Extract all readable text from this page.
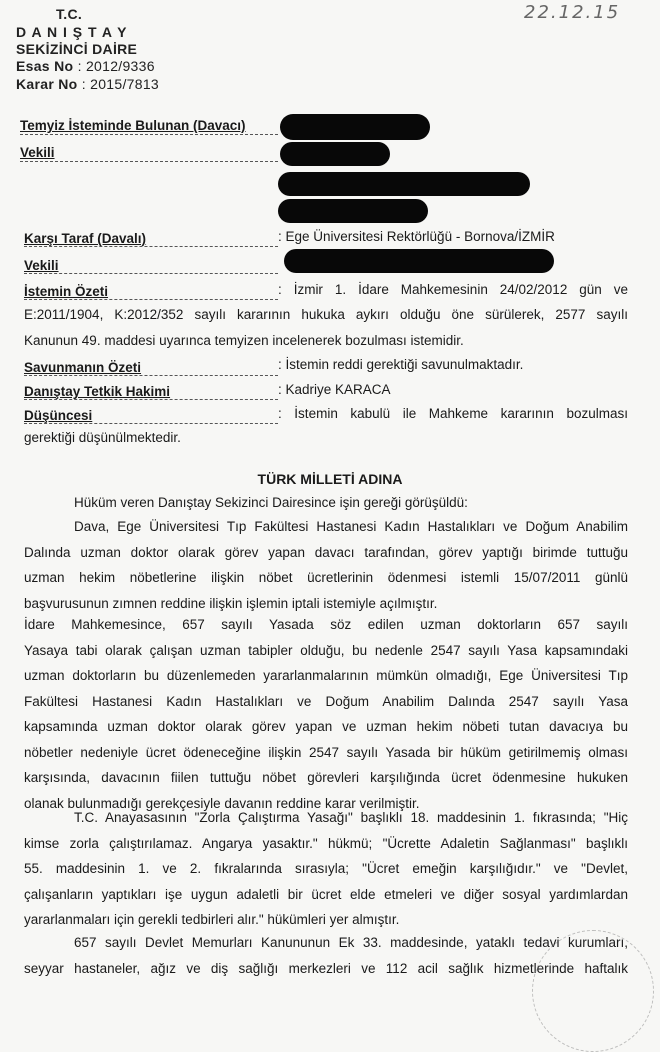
T.C.
D A N I Ş T A Y
SEKİZİNCİ DAİRE
Esas No : 2012/9336
Karar No : 2015/7813
22.12.15
Temyiz İsteminde Bulunan (Davacı)
Vekili
Karşı Taraf (Davalı)	: Ege Üniversitesi Rektörlüğü - Bornova/İZMİR
Vekili
İstemin Özeti	: İzmir 1. İdare Mahkemesinin 24/02/2012 gün ve
E:2011/1904, K:2012/352 sayılı kararının hukuka aykırı olduğu öne sürülerek, 2577 sayılı
Kanunun 49. maddesi uyarınca temyizen incelenerek bozulması istemidir.
Savunmanın Özeti	: İstemin reddi gerektiği savunulmaktadır.
Danıştay Tetkik Hakimi	: Kadriye KARACA
Düşüncesi	: İstemin kabulü ile Mahkeme kararının bozulması
gerektiği düşünülmektedir.
TÜRK MİLLETİ ADINA
Hüküm veren Danıştay Sekizinci Dairesince işin gereği görüşüldü:
Dava, Ege Üniversitesi Tıp Fakültesi Hastanesi Kadın Hastalıkları ve Doğum Anabilim
Dalında uzman doktor olarak görev yapan davacı tarafından, görev yaptığı birimde tuttuğu
uzman hekim nöbetlerine ilişkin nöbet ücretlerinin ödenmesi istemli 15/07/2011 günlü
başvurusunun zımnen reddine ilişkin işlemin iptali istemiyle açılmıştır.
İdare Mahkemesince, 657 sayılı Yasada söz edilen uzman doktorların 657 sayılı
Yasaya tabi olarak çalışan uzman tabipler olduğu, bu nedenle 2547 sayılı Yasa kapsamındaki
uzman doktorların bu düzenlemeden yararlanmalarının mümkün olmadığı, Ege Üniversitesi Tıp
Fakültesi Hastanesi Kadın Hastalıkları ve Doğum Anabilim Dalında 2547 sayılı Yasa
kapsamında uzman doktor olarak görev yapan ve uzman hekim nöbeti tutan davacıya bu
nöbetler nedeniyle ücret ödeneceğine ilişkin 2547 sayılı Yasada bir hüküm getirilmemiş olması
karşısında, davacının fiilen tuttuğu nöbet görevleri karşılığında ücret ödenmesine hukuken
olanak bulunmadığı gerekçesiyle davanın reddine karar verilmiştir.
T.C. Anayasasının "Zorla Çalıştırma Yasağı" başlıklı 18. maddesinin 1. fıkrasında; "Hiç
kimse zorla çalıştırılamaz. Angarya yasaktır." hükmü; "Ücrette Adaletin Sağlanması" başlıklı
55. maddesinin 1. ve 2. fıkralarında sırasıyla; "Ücret emeğin karşılığıdır." ve "Devlet,
çalışanların yaptıkları işe uygun adaletli bir ücret elde etmeleri ve diğer sosyal yardımlardan
yararlanmaları için gerekli tedbirleri alır." hükümleri yer almıştır.
657 sayılı Devlet Memurları Kanununun Ek 33. maddesinde, yataklı tedavi kurumları,
seyyar hastaneler, ağız ve diş sağlığı merkezleri ve 112 acil sağlık hizmetlerinde haftalık
